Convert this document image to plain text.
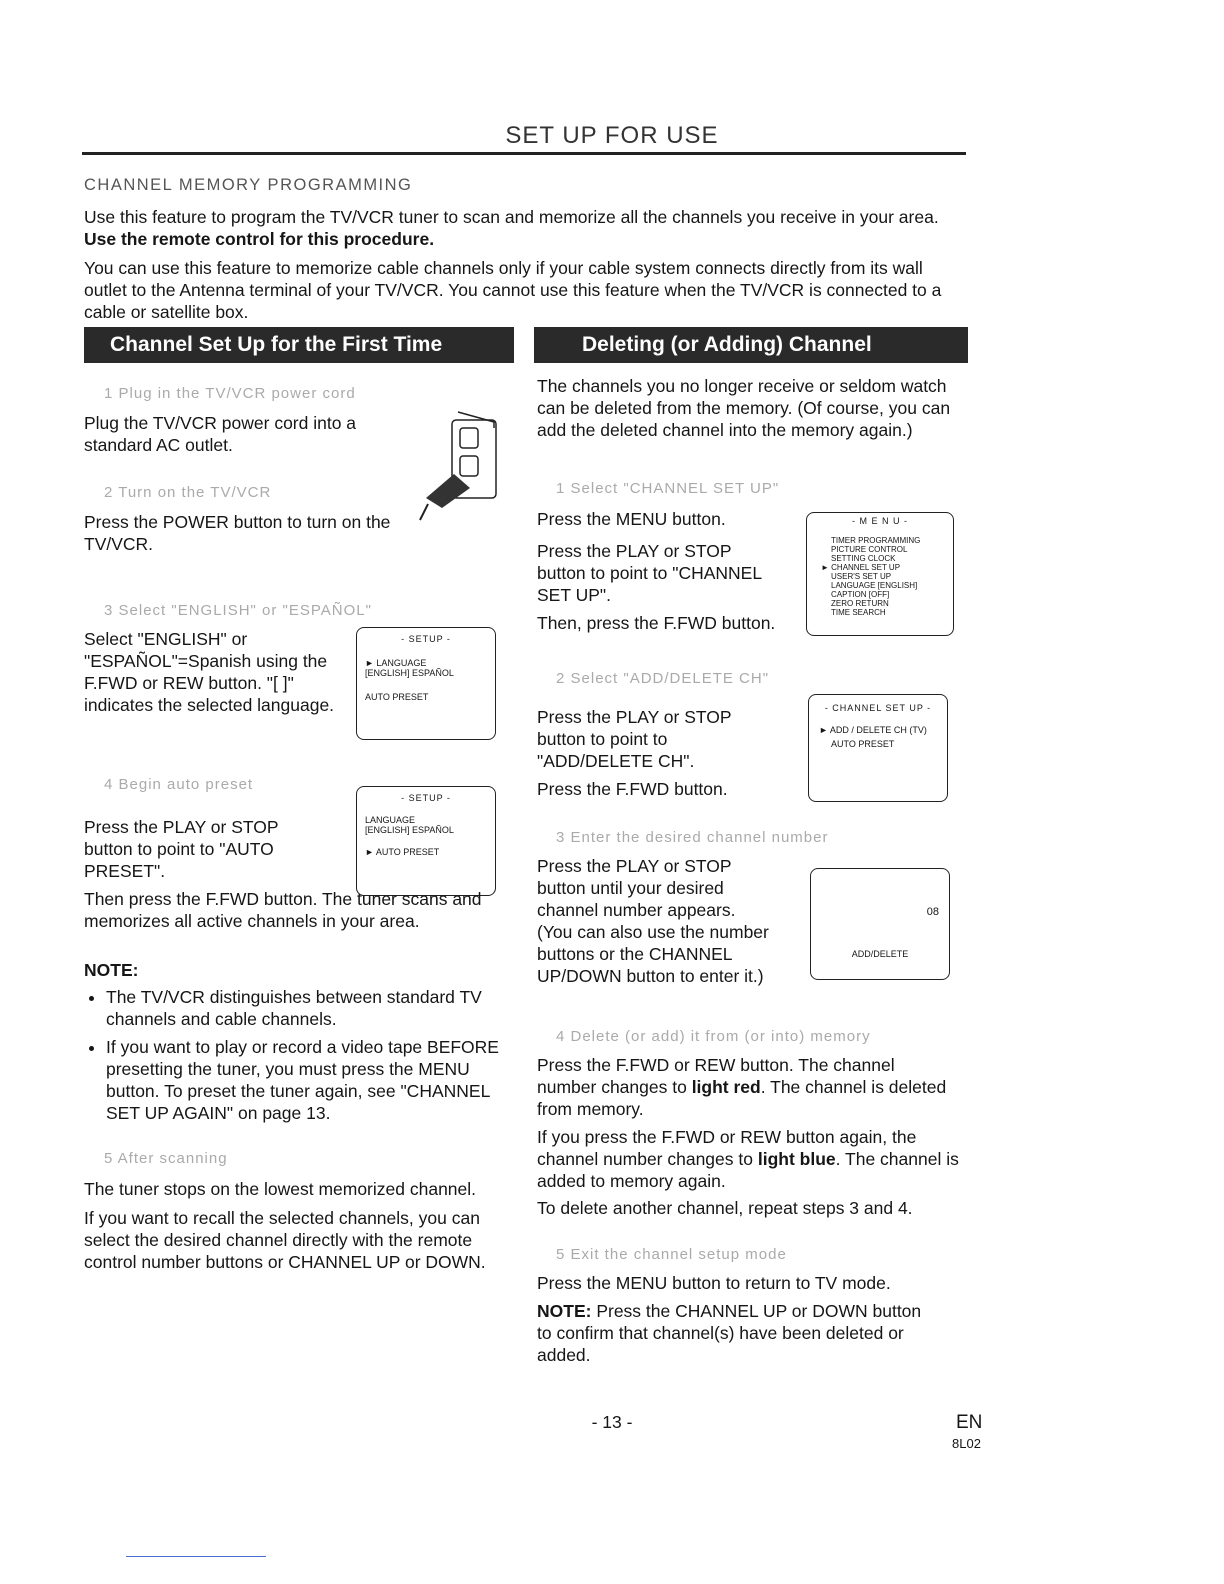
SET UP FOR USE
CHANNEL MEMORY PROGRAMMING
Use this feature to program the TV/VCR tuner to scan and memorize all the channels you receive in your area. Use the remote control for this procedure.
You can use this feature to memorize cable channels only if your cable system connects directly from its wall outlet to the Antenna terminal of your TV/VCR. You cannot use this feature when the TV/VCR is connected to a cable or satellite box.
Channel Set Up for the First Time	Deleting (or Adding) Channel
1 Plug in the TV/VCR power cord
Plug the TV/VCR power cord into a standard AC outlet.
2 Turn on the TV/VCR
Press the POWER button to turn on the TV/VCR.
3 Select "ENGLISH" or "ESPAÑOL"
Select "ENGLISH" or "ESPAÑOL"=Spanish using the F.FWD or REW button. "[ ]" indicates the selected language.
- SETUP -
► LANGUAGE
[ENGLISH] ESPAÑOL
AUTO PRESET
4 Begin auto preset
Press the PLAY or STOP button to point to "AUTO PRESET".
- SETUP -
LANGUAGE
[ENGLISH] ESPAÑOL
► AUTO PRESET
Then press the F.FWD button. The tuner scans and memorizes all active channels in your area.
NOTE:
• The TV/VCR distinguishes between standard TV channels and cable channels.
• If you want to play or record a video tape BEFORE presetting the tuner, you must press the MENU button. To preset the tuner again, see "CHANNEL SET UP AGAIN" on page 13.
5 After scanning
The tuner stops on the lowest memorized channel.
If you want to recall the selected channels, you can select the desired channel directly with the remote control number buttons or CHANNEL UP or DOWN.
The channels you no longer receive or seldom watch can be deleted from the memory. (Of course, you can add the deleted channel into the memory again.)
1 Select "CHANNEL SET UP"
Press the MENU button.
Press the PLAY or STOP button to point to "CHANNEL SET UP".
Then, press the F.FWD button.
- M E N U -
TIMER PROGRAMMING
PICTURE CONTROL
SETTING CLOCK
► CHANNEL SET UP
USER'S SET UP
LANGUAGE [ENGLISH]
CAPTION [OFF]
ZERO RETURN
TIME SEARCH
2 Select "ADD/DELETE CH"
Press the PLAY or STOP button to point to "ADD/DELETE CH".
Press the F.FWD button.
- CHANNEL SET UP -
► ADD / DELETE CH (TV)
AUTO PRESET
3 Enter the desired channel number
Press the PLAY or STOP button until your desired channel number appears. (You can also use the number buttons or the CHANNEL UP/DOWN button to enter it.)
08
ADD/DELETE
4 Delete (or add) it from (or into) memory
Press the F.FWD or REW button. The channel number changes to light red. The channel is deleted from memory.
If you press the F.FWD or REW button again, the channel number changes to light blue. The channel is added to memory again.
To delete another channel, repeat steps 3 and 4.
5 Exit the channel setup mode
Press the MENU button to return to TV mode.
NOTE: Press the CHANNEL UP or DOWN button to confirm that channel(s) have been deleted or added.
- 13 -	EN
8L02
